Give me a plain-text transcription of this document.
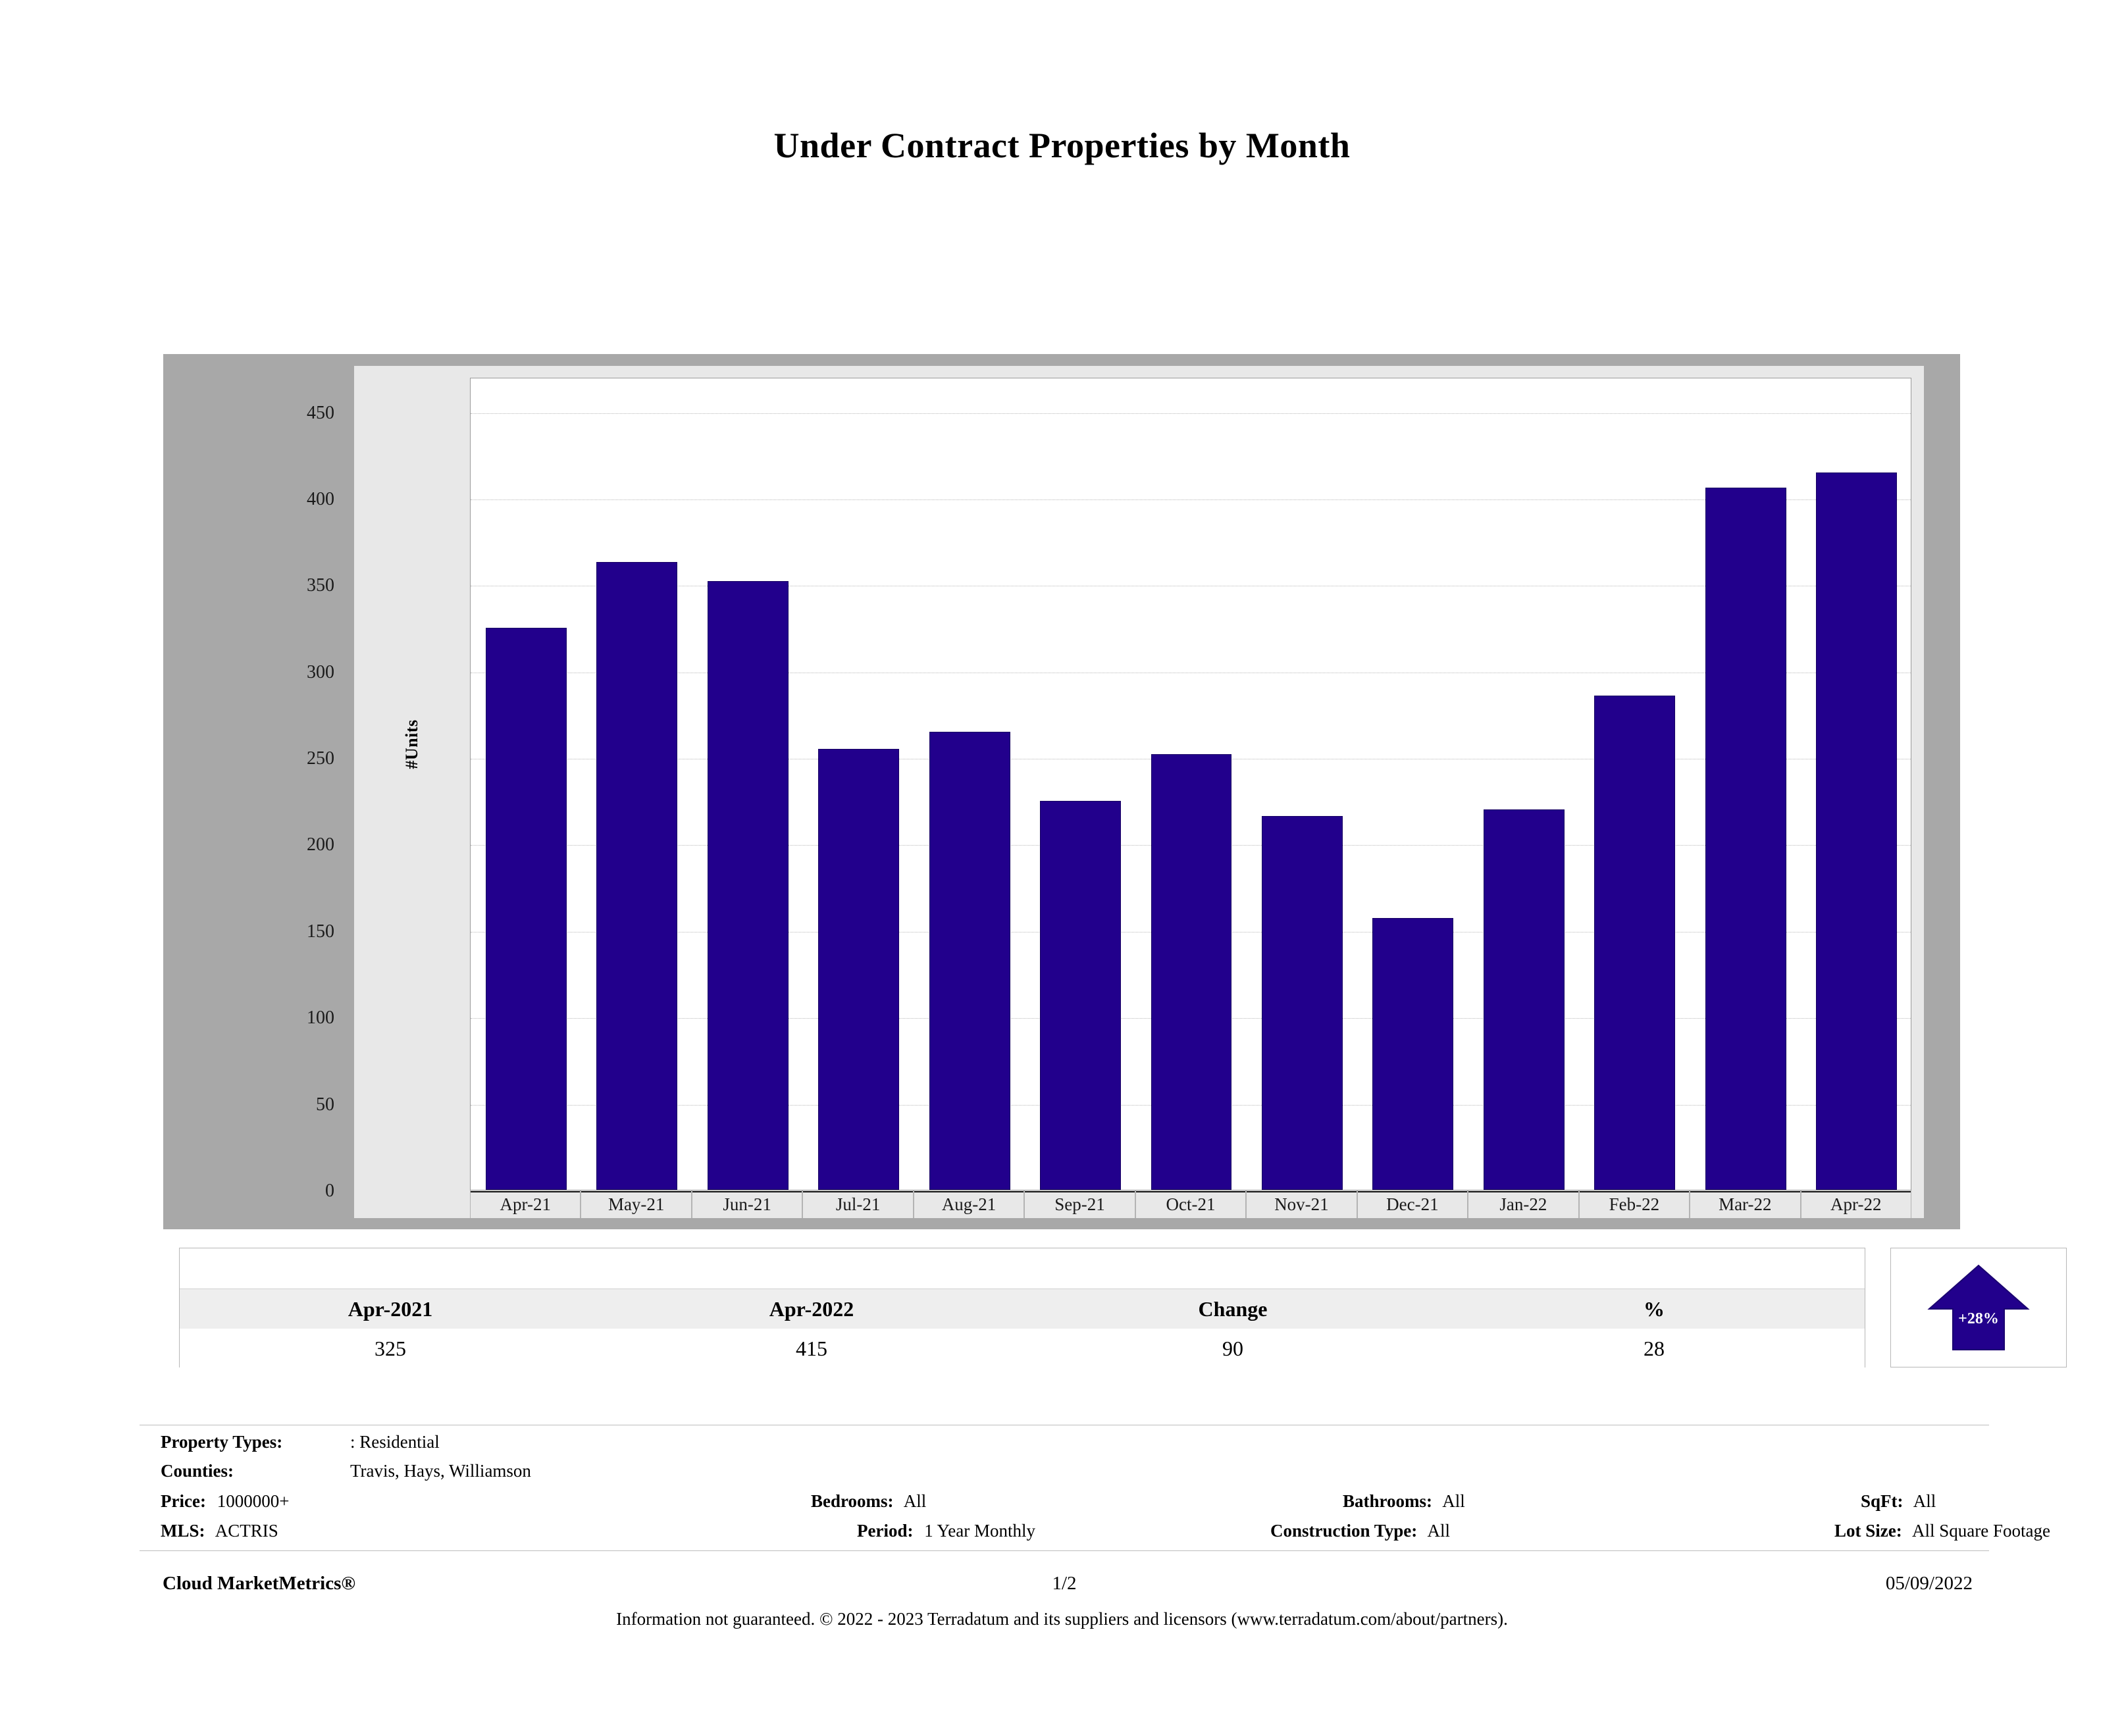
Under Contract Properties by Month
#Units
0
50
100
150
200
250
300
350
400
450
Apr-21	May-21	Jun-21	Jul-21	Aug-21	Sep-21	Oct-21	Nov-21	Dec-21	Jan-22	Feb-22	Mar-22	Apr-22
Apr-2021	Apr-2022	Change	%
325	415	90	28
+28%
Property Types:	: Residential
Counties:	Travis, Hays, Williamson
Price: 1000000+	Bedrooms: All	Bathrooms: All	SqFt: All
MLS: ACTRIS	Period: 1 Year Monthly	Construction Type: All	Lot Size: All Square Footage
Cloud MarketMetrics®	1/2	05/09/2022
Information not guaranteed. © 2022 - 2023 Terradatum and its suppliers and licensors (www.terradatum.com/about/partners).
